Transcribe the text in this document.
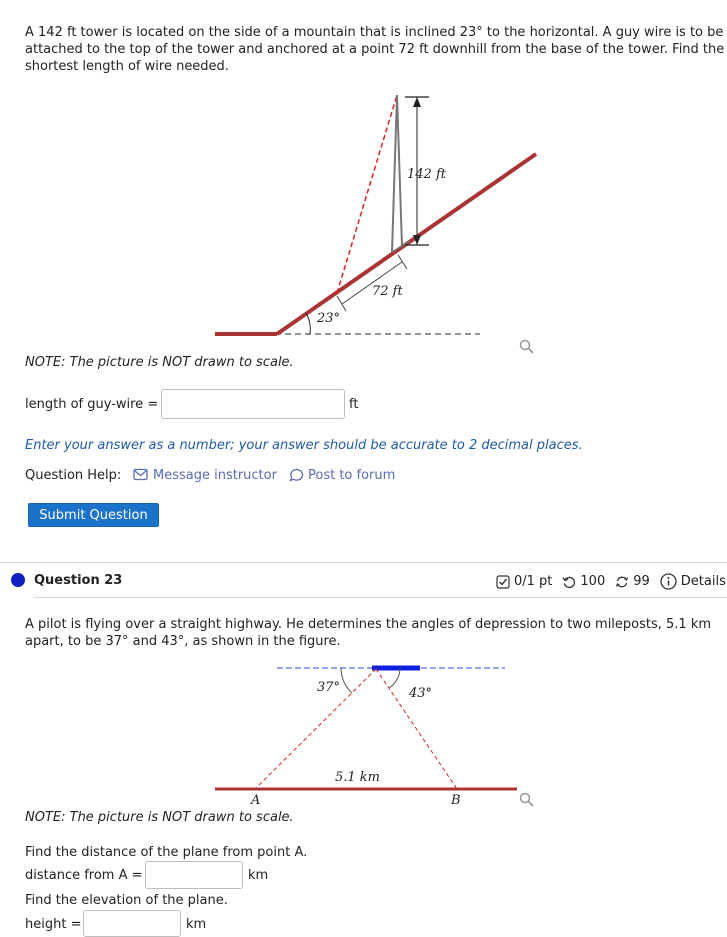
A 142 ft tower is located on the side of a mountain that is inclined 23° to the horizontal. A guy wire is to be attached to the top of the tower and anchored at a point 72 ft downhill from the base of the tower. Find the shortest length of wire needed.
142 ft
72 ft
23°
NOTE: The picture is NOT drawn to scale.
length of guy-wire =	ft
Enter your answer as a number; your answer should be accurate to 2 decimal places.
Question Help: Message instructor Post to forum
Submit Question
Question 23	0/1 pt 100 99 Details
A pilot is flying over a straight highway. He determines the angles of depression to two mileposts, 5.1 km apart, to be 37° and 43°, as shown in the figure.
37°	43°
5.1 km
A	B
NOTE: The picture is NOT drawn to scale.
Find the distance of the plane from point A.
distance from A =	km
Find the elevation of the plane.
height =	km
